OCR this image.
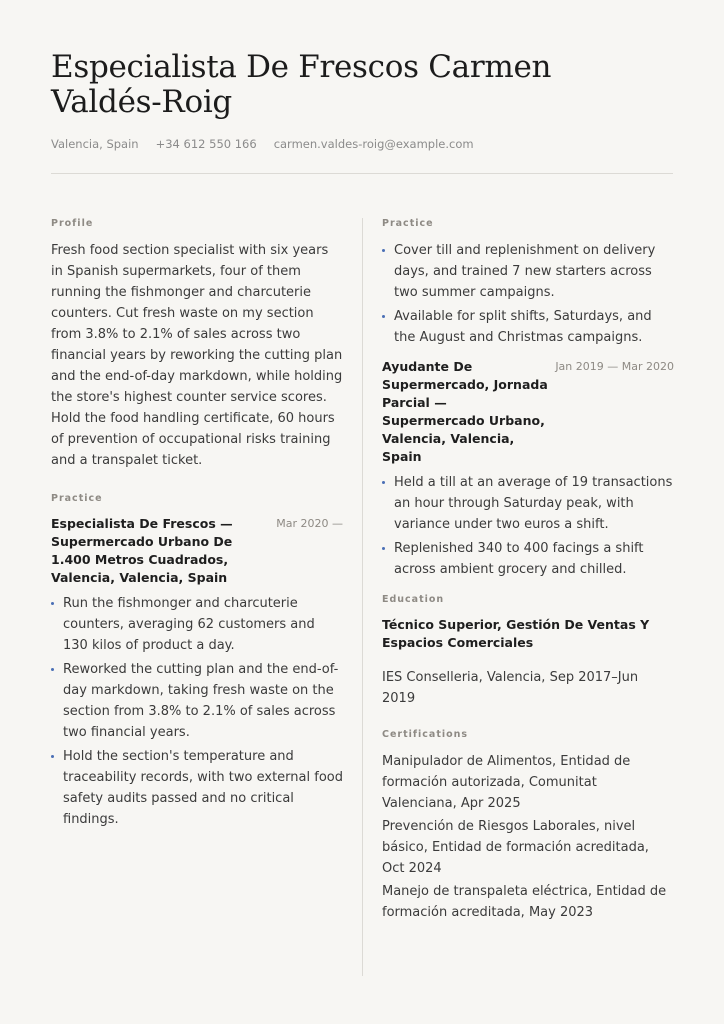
Especialista De Frescos Carmen
Valdés-Roig
Valencia, Spain +34 612 550 166 carmen.valdes-roig@example.com
Profile

Fresh food section specialist with six years in Spanish supermarkets, four of them running the fishmonger and charcuterie counters. Cut fresh waste on my section from 3.8% to 2.1% of sales across two financial years by reworking the cutting plan and the end-of-day markdown, while holding the store's highest counter service scores. Hold the food handling certificate, 60 hours of prevention of occupational risks training and a transpalet ticket.

Practice
Especialista De Frescos — Supermercado Urbano De 1.400 Metros Cuadrados, Valencia, Valencia, Spain
Mar 2020 —
Run the fishmonger and charcuterie counters, averaging 62 customers and 130 kilos of product a day.
Reworked the cutting plan and the end-of-day markdown, taking fresh waste on the section from 3.8% to 2.1% of sales across two financial years.
Hold the section's temperature and traceability records, with two external food safety audits passed and no critical findings.
Practice
Cover till and replenishment on delivery days, and trained 7 new starters across two summer campaigns.
Available for split shifts, Saturdays, and the August and Christmas campaigns.
Ayudante De Supermercado, Jornada Parcial — Supermercado Urbano, Valencia, Valencia, Spain
Jan 2019 — Mar 2020
Held a till at an average of 19 transactions an hour through Saturday peak, with variance under two euros a shift.
Replenished 340 to 400 facings a shift across ambient grocery and chilled.
Education
Técnico Superior, Gestión De Ventas Y Espacios Comerciales

IES Conselleria, Valencia, Sep 2017–Jun 2019

Certifications
Manipulador de Alimentos, Entidad de formación autorizada, Comunitat Valenciana, Apr 2025
Prevención de Riesgos Laborales, nivel básico, Entidad de formación acreditada, Oct 2024
Manejo de transpaleta eléctrica, Entidad de formación acreditada, May 2023
